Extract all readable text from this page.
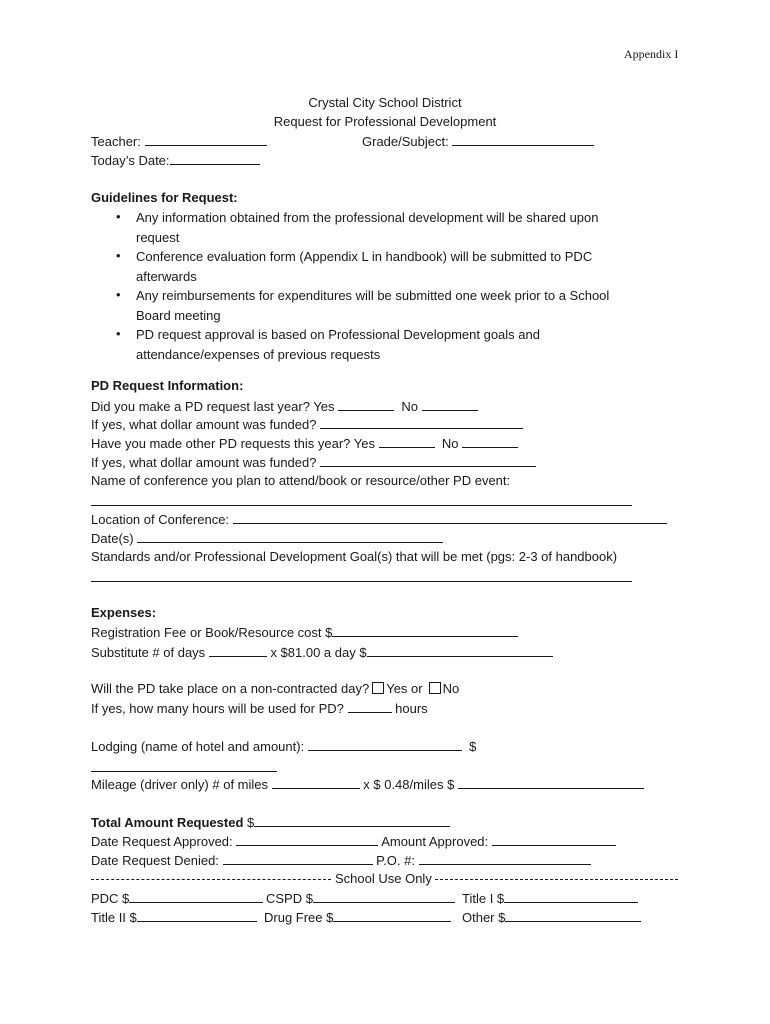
Appendix I
Crystal City School District
Request for Professional Development
Teacher:	Grade/Subject:
Today’s Date:
Guidelines for Request:
• Any information obtained from the professional development will be shared upon
request
• Conference evaluation form (Appendix L in handbook) will be submitted to PDC
afterwards
• Any reimbursements for expenditures will be submitted one week prior to a School
Board meeting
• PD request approval is based on Professional Development goals and
attendance/expenses of previous requests
PD Request Information:
Did you make a PD request last year? Yes	No
If yes, what dollar amount was funded?
Have you made other PD requests this year? Yes	No
If yes, what dollar amount was funded?
Name of conference you plan to attend/book or resource/other PD event:
Location of Conference:
Date(s)
Standards and/or Professional Development Goal(s) that will be met (pgs: 2-3 of handbook)
Expenses:
Registration Fee or Book/Resource cost $
Substitute # of days	x $81.00 a day $
Will the PD take place on a non-contracted day? Yes or No
If yes, how many hours will be used for PD?	hours
Lodging (name of hotel and amount):	$
Mileage (driver only) # of miles	x $ 0.48/miles $
Total Amount Requested $
Date Request Approved:	Amount Approved:
Date Request Denied:	P.O. #:
School Use Only
PDC $	CSPD $	Title I $
Title II $	Drug Free $	Other $
